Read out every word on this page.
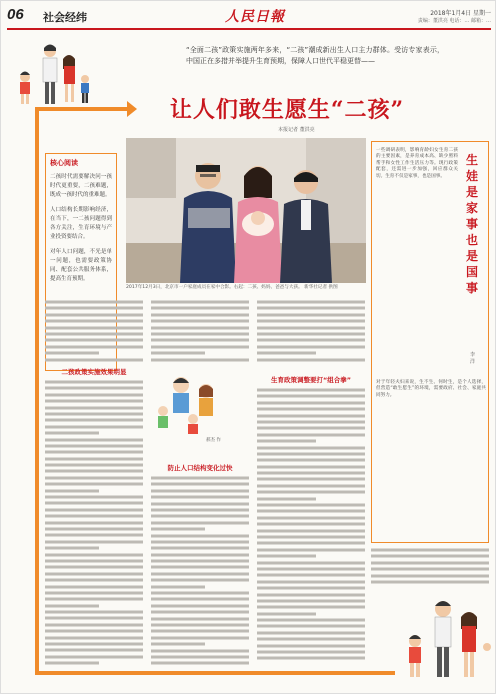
06 社会经纬	人民日報	2018年1月4日 星期一
责编：董洪亮 电话：… 邮箱：…
“全面二孩”政策实施两年多来，“二孩”潮成新出生人口主力群体。受访专家表示，中国正在多措并举提升生育预期，保障人口世代平稳更替——
让人们敢生愿生“二孩”
本报记者 董洪亮
核心阅读
二孩时代需要解决问一孩时代更重要，二孩难题，既成一孩时代的重难题。
人口结构长期影响经济，在当下，一二孩问题得到各方关注，生育环境与产业投资要结合。
对年人口问题，不光是单一问题，也需要政策协同、配套公共服务体系，提高生育预期。
2017年12月3日，北京市一户家庭成员在家中合影。右起：二孩、妈妈、爸爸与大孩。 新华社记者 供图
一些调研表明，影响育龄妇女生育二孩的主要因素，是养育成本高、缺少照料帮手和女性工作生活压力等。现行政策配套，还需进一步加强，回应群众关切。生育不仅是家事，也是国事。
生娃是家事也是国事
李 洋
对于年轻夫妇来说，生不生、何时生，是个人选择，但营造“敢生愿生”的环境，需要政府、社会、家庭共同努力。
二孩政策实施效果明显
郝杰 作
防止人口结构变化过快
生育政策调整要打“组合拳”
